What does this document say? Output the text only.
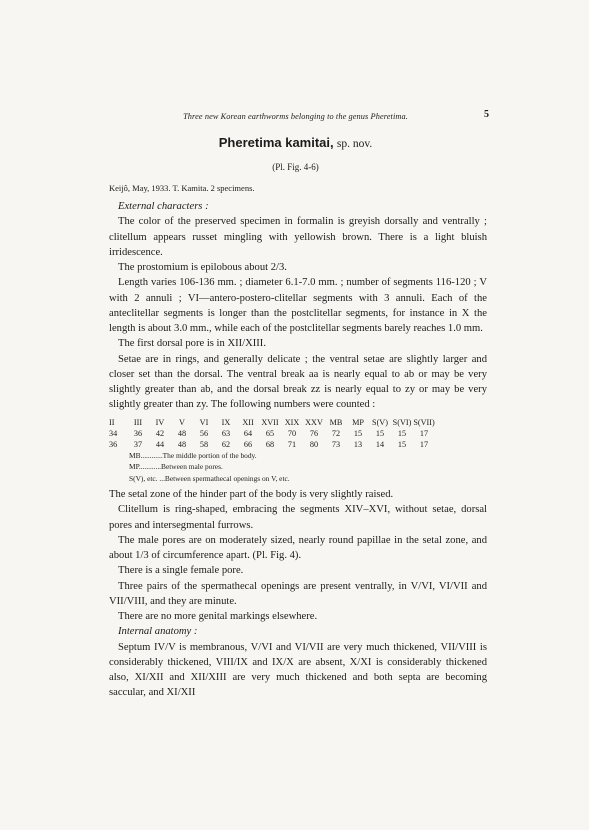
Three new Korean earthworms belonging to the genus Pheretima.	5
Pheretima kamitai, sp. nov.
(Pl. Fig. 4-6)
Keijô, May, 1933. T. Kamita. 2 specimens.

External characters :

The color of the preserved specimen in formalin is greyish dorsally and ventrally ; clitellum appears russet mingling with yellowish brown. There is a light bluish irridescence.

The prostomium is epilobous about 2/3.

Length varies 106-136 mm. ; diameter 6.1-7.0 mm. ; number of segments 116-120 ; V with 2 annuli ; VI—antero-postero-clitellar segments with 3 annuli. Each of the anteclitellar segments is longer than the postclitellar segments, for instance in X the length is about 3.0 mm., while each of the postclitellar segments barely reaches 1.0 mm.

The first dorsal pore is in XII/XIII.

Setae are in rings, and generally delicate ; the ventral setae are slightly larger and closer set than the dorsal. The ventral break aa is nearly equal to ab or may be very slightly greater than ab, and the dorsal break zz is nearly equal to zy or may be very slightly greater than zy. The following numbers were counted :

II	III	IV	V	VI	IX	XII	XVII	XIX	XXV	MB	MP	S(V)	S(VI)	S(VII)
34	36	42	48	56	63	64	65	70	76	72	15	15	15	17
36	37	44	48	58	62	66	68	71	80	73	13	14	15	17
MB............The middle portion of the body.
MP............Between male pores.
S(V), etc. ...Between spermathecal openings on V, etc.

The setal zone of the hinder part of the body is very slightly raised.

Clitellum is ring-shaped, embracing the segments XIV–XVI, without setae, dorsal pores and intersegmental furrows.

The male pores are on moderately sized, nearly round papillae in the setal zone, and about 1/3 of circumference apart. (Pl. Fig. 4).

There is a single female pore.

Three pairs of the spermathecal openings are present ventrally, in V/VI, VI/VII and VII/VIII, and they are minute.

There are no more genital markings elsewhere.

Internal anatomy :

Septum IV/V is membranous, V/VI and VI/VII are very much thickened, VII/VIII is considerably thickened, VIII/IX and IX/X are absent, X/XI is considerably thickened also, XI/XII and XII/XIII are very much thickened and both septa are becoming saccular, and XI/XII
